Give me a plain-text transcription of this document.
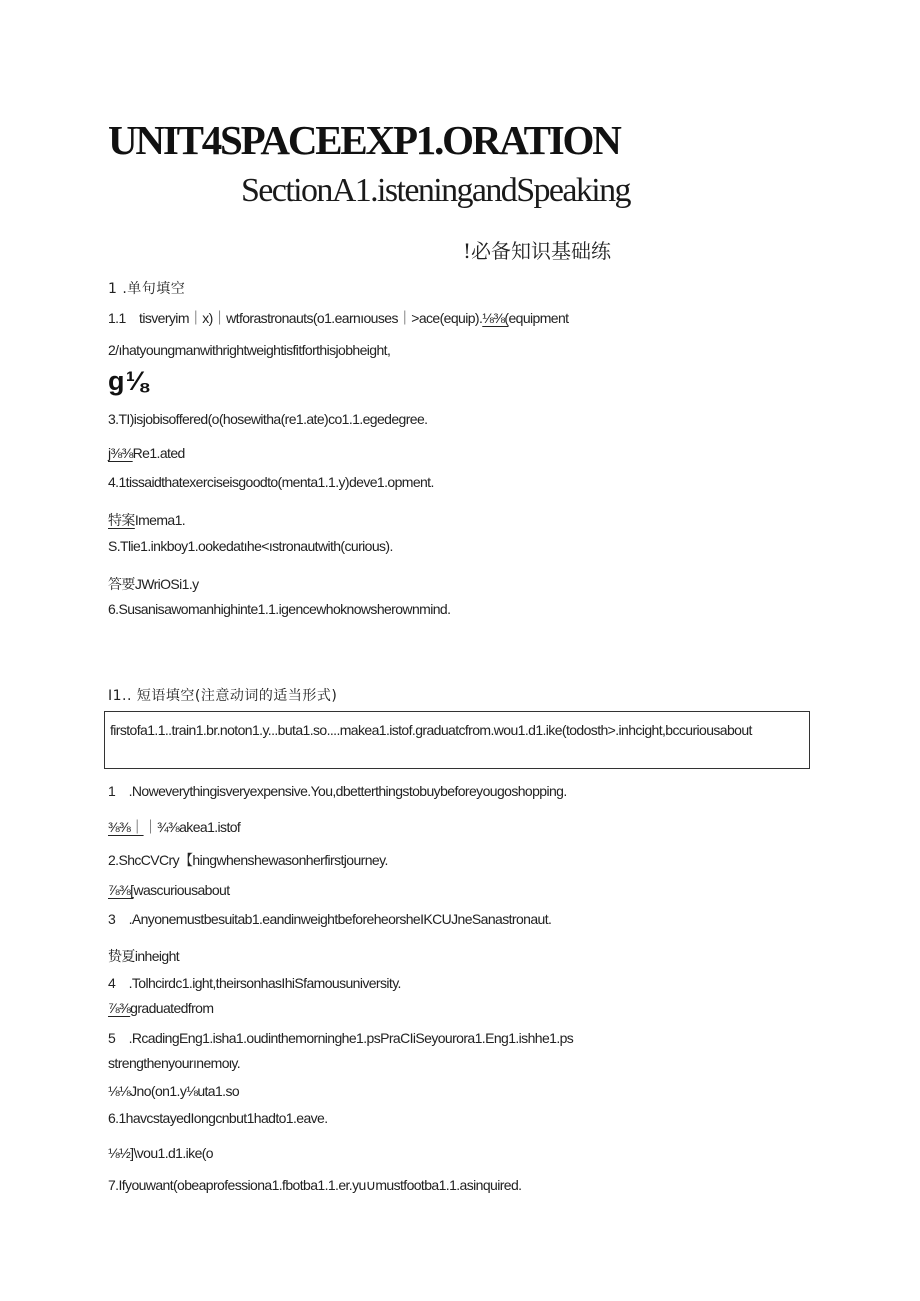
UNIT4SPACEEXP1.ORATION
SectionA1.isteningandSpeaking
!必备知识基础练
1 .单句填空
1.1　tisveryim｜x)｜wtforastronauts(o1.earnıouses｜>ace(equip).⅛⅜(equipment
2/ıhatyoungmanwithrightweightisfitforthisjobheight,
g⅛
3.TI)isjobisoffered(o(hosewitha(re1.ate)co1.1.egedegree.
j⅜⅜Re1.ated
4.1tissaidthatexerciseisgoodto(menta1.1.y)deve1.opment.
特案Imema1.
S.Tlie1.inkboy1.ookedatıhe<ıstronautwith(curious).
答要JWriOSi1.y
6.Susanisawomanhighinte1.1.igencewhoknowsherownmind.
I1.. 短语填空(注意动词的适当形式)
firstofa1.1..train1.br.noton1.y...buta1.so....makea1.istof.graduatcfrom.wou1.d1.ike(todosth>.inhcight,bccuriousabout
1　.Noweverythingisveryexpensive.You,dbetterthingstobuybeforeyougoshopping.
⅜⅜｜｜¾⅜akea1.istof
2.ShcCVCry【hingwhenshewasonherfirstjourney.
⅞⅜[wascuriousabout
3　.Anyonemustbesuitab1.eandinweightbeforeheorsheIKCUJneSanastronaut.
贽夏inheight
4　.Tolhcirdc1.ight,theirsonhasIhiSfamousuniversity.
⅞⅜graduatedfrom
5　.RcadingEng1.isha1.oudinthemorninghe1.psPraCIiSeyourora1.Eng1.ishhe1.ps
strengthenyourınemoιy.
⅛⅛Jno(on1.y⅛uta1.so
6.1havcstayedIongcnbut1hadto1.eave.
⅛½]\vou1.d1.ike(o
7.Ifyouwant(obeaprofessiona1.fbotba1.1.er.yu∪mustfootba1.1.asinquired.
